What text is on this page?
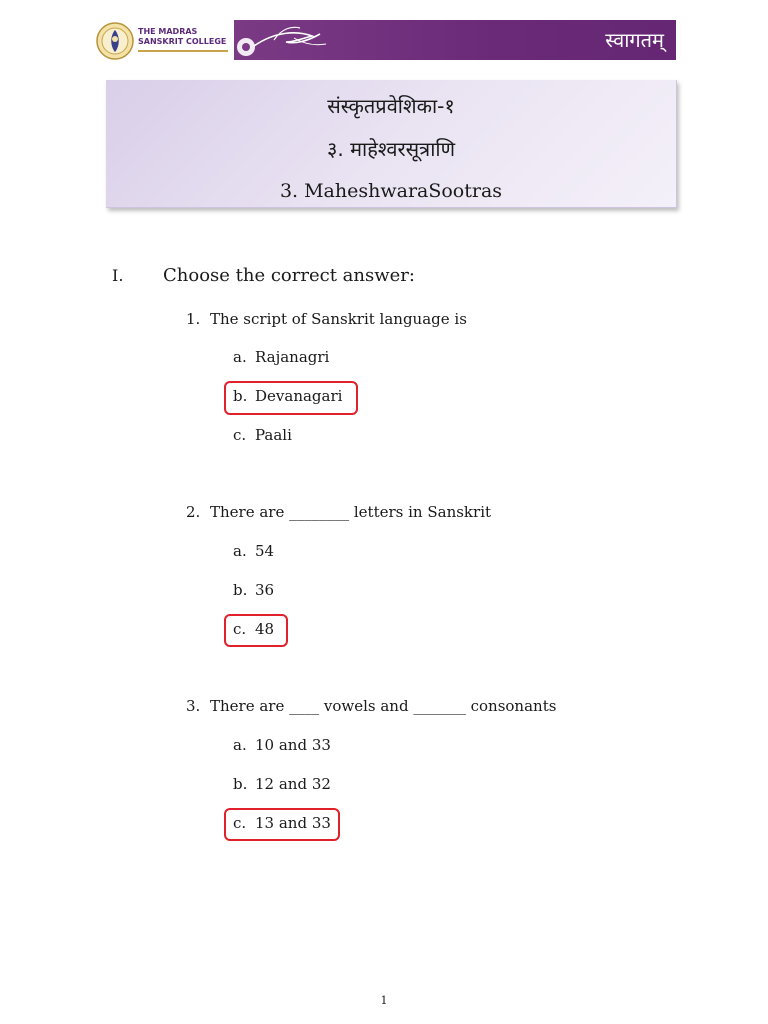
THE MADRAS
SANSKRIT COLLEGE	स्वागतम्
संस्कृतप्रवेशिका-१
३. माहेश्वरसूत्राणि
3. MaheshwaraSootras
I. Choose the correct answer:
1. The script of Sanskrit language is
a. Rajanagri
b. Devanagari
c. Paali
2. There are ________ letters in Sanskrit
a. 54
b. 36
c. 48
3. There are ____ vowels and _______ consonants
a. 10 and 33
b. 12 and 32
c. 13 and 33
1
